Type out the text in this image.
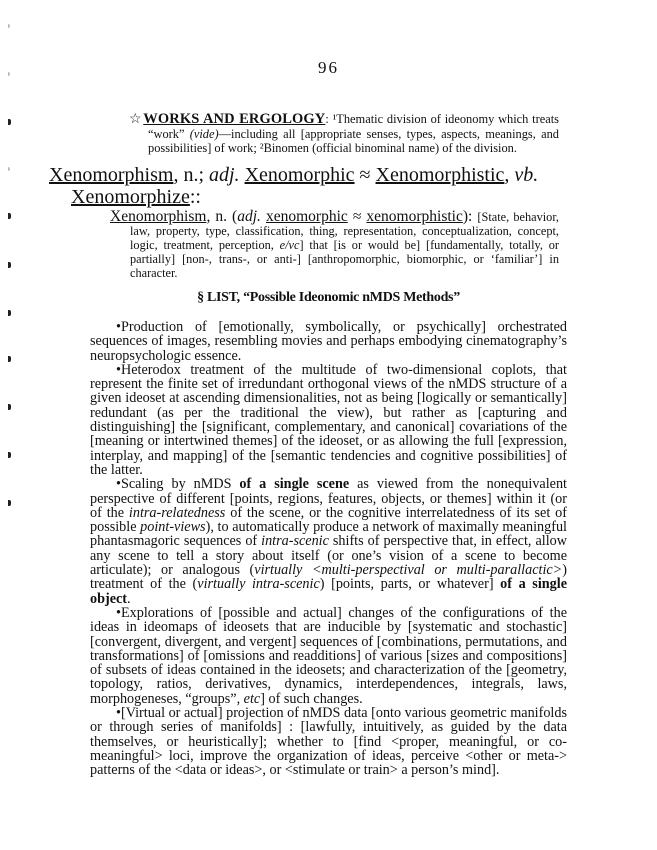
96
☆WORKS AND ERGOLOGY: ¹Thematic division of ideonomy which treats “work” (vide)—including all [appropriate senses, types, aspects, meanings, and possibilities] of work; ²Binomen (official binominal name) of the division.
Xenomorphism, n.; adj. Xenomorphic ≈ Xenomorphistic, vb.
Xenomorphize::
Xenomorphism, n. (adj. xenomorphic ≈ xenomorphistic): [State, behavior, law, property, type, classification, thing, representation, conceptualization, concept, logic, treatment, perception, e/vc] that [is or would be] [fundamentally, totally, or partially] [non-, trans-, or anti-] [anthropomorphic, biomorphic, or ‘familiar’] in character.
§ LIST, “Possible Ideonomic nMDS Methods”

•Production of [emotionally, symbolically, or psychically] orchestrated sequences of images, resembling movies and perhaps embodying cinematography’s neuropsychologic essence.

•Heterodox treatment of the multitude of two-dimensional coplots, that represent the finite set of irredundant orthogonal views of the nMDS structure of a given ideoset at ascending dimensionalities, not as being [logically or semantically] redundant (as per the traditional the view), but rather as [capturing and distinguishing] the [significant, complementary, and canonical] covariations of the [meaning or intertwined themes] of the ideoset, or as allowing the full [expression, interplay, and mapping] of the [semantic tendencies and cognitive possibilities] of the latter.

•Scaling by nMDS of a single scene as viewed from the nonequivalent perspective of different [points, regions, features, objects, or themes] within it (or of the intra-relatedness of the scene, or the cognitive interrelatedness of its set of possible point-views), to automatically produce a network of maximally meaningful phantasmagoric sequences of intra-scenic shifts of perspective that, in effect, allow any scene to tell a story about itself (or one’s vision of a scene to become articulate); or analogous (virtually <multi-perspectival or multi-parallactic>) treatment of the (virtually intra-scenic) [points, parts, or whatever] of a single object.

•Explorations of [possible and actual] changes of the configurations of the ideas in ideomaps of ideosets that are inducible by [systematic and stochastic] [convergent, divergent, and vergent] sequences of [combinations, permutations, and transformations] of [omissions and readditions] of various [sizes and compositions] of subsets of ideas contained in the ideosets; and characterization of the [geometry, topology, ratios, derivatives, dynamics, interdependences, integrals, laws, morphogeneses, “groups”, etc] of such changes.

•[Virtual or actual] projection of nMDS data [onto various geometric manifolds or through series of manifolds] : [lawfully, intuitively, as guided by the data themselves, or heuristically]; whether to [find <proper, meaningful, or co-meaningful> loci, improve the organization of ideas, perceive <other or meta-> patterns of the <data or ideas>, or <stimulate or train> a person’s mind].
